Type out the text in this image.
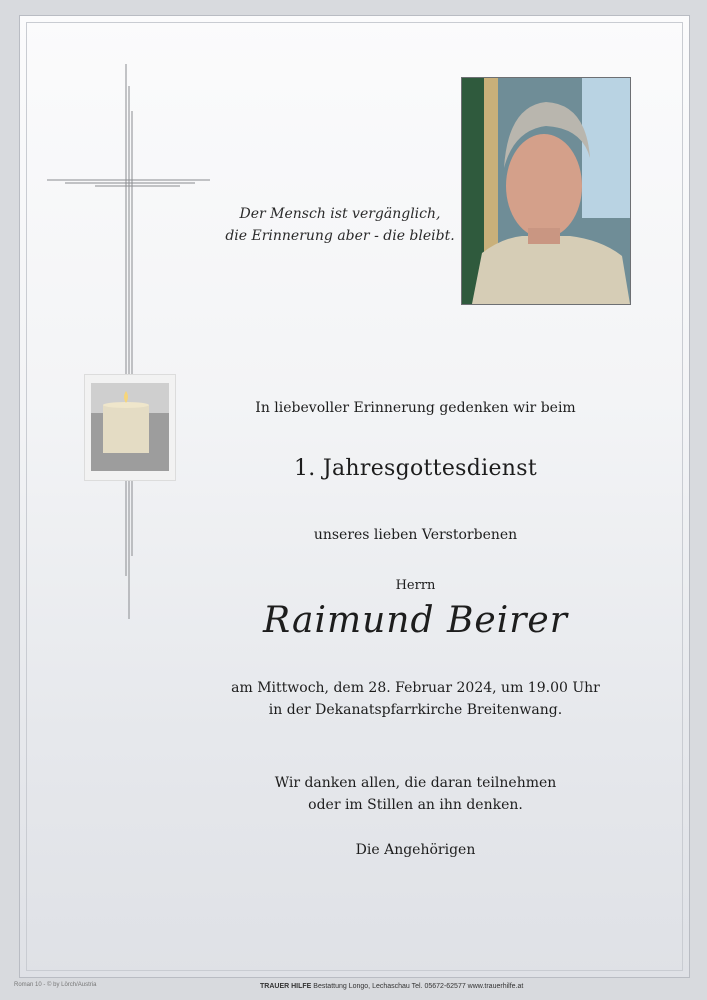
Der Mensch ist vergänglich,
die Erinnerung aber - die bleibt.
In liebevoller Erinnerung gedenken wir beim
1. Jahresgottesdienst
unseres lieben Verstorbenen
Herrn
Raimund Beirer
am Mittwoch, dem 28. Februar 2024, um 19.00 Uhr
in der Dekanatspfarrkirche Breitenwang.
Wir danken allen, die daran teilnehmen
oder im Stillen an ihn denken.
Die Angehörigen
Roman 10 - © by Lörch/Austria	TRAUER HILFE Bestattung Longo, Lechaschau Tel. 05672-62577 www.trauerhilfe.at
